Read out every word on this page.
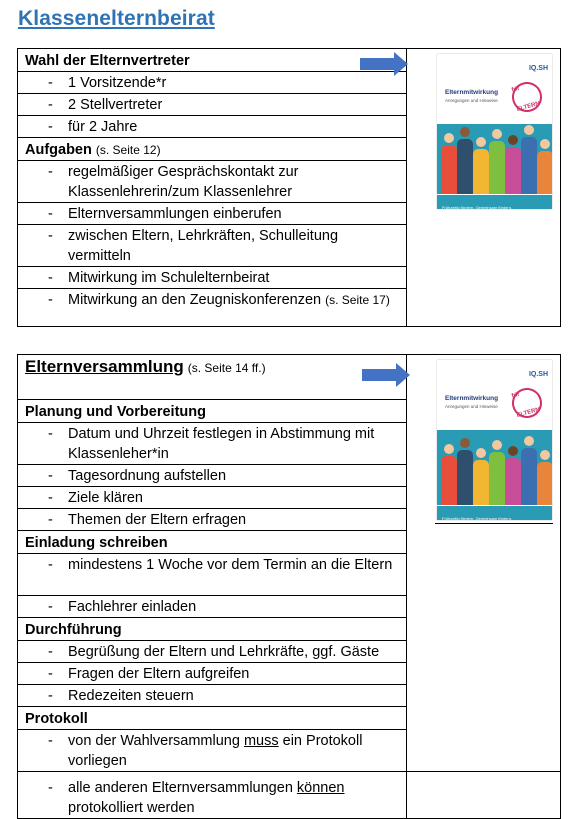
Klassenelternbeirat
Wahl der Elternvertreter	IQ.SH
Elternmitwirkung
Anregungen und Hinweise
für ELTERN
Frühzeitig fördern. Gemeinsam fördern.

- 1 Vorsitzende*r

- 2 Stellvertreter

- für 2 Jahre

Aufgaben (s. Seite 12)

- regelmäßiger Gesprächskontakt zur Klassenlehrerin/zum Klassenlehrer

- Elternversammlungen einberufen

- zwischen Eltern, Lehrkräften, Schulleitung vermitteln

- Mitwirkung im Schulelternbeirat

- Mitwirkung an den Zeugniskonferenzen (s. Seite 17)
Elternversammlung (s. Seite 14 ff.)	IQ.SH
Elternmitwirkung
Anregungen und Hinweise
für ELTERN
Frühzeitig fördern. Gemeinsam fördern.

Planung und Vorbereitung	

- Datum und Uhrzeit festlegen in Abstimmung mit Klassenleher*in	

- Tagesordnung aufstellen	

- Ziele klären	

- Themen der Eltern erfragen	

Einladung schreiben	

- mindestens 1 Woche vor dem Termin an die Eltern	

- Fachlehrer einladen	

Durchführung	

- Begrüßung der Eltern und Lehrkräfte, ggf. Gäste	

- Fragen der Eltern aufgreifen	

- Redezeiten steuern	

Protokoll	

- von der Wahlversammlung muss ein Protokoll vorliegen	

- alle anderen Elternversammlungen können protokolliert werden	
